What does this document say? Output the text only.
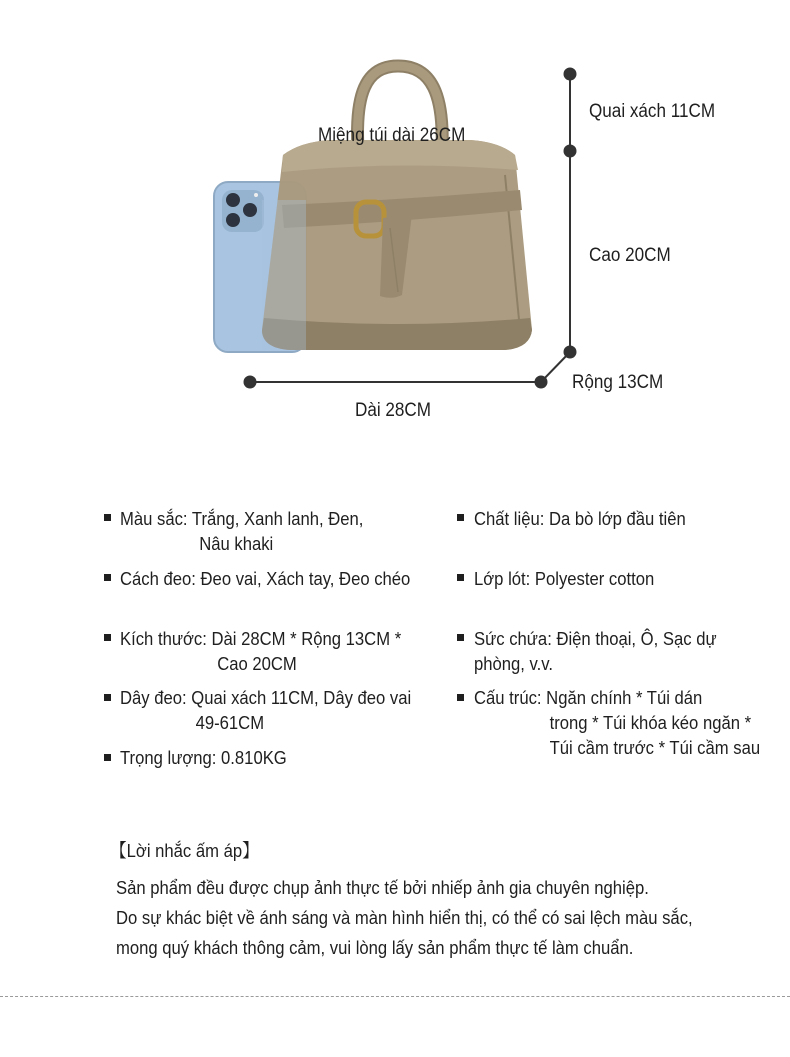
Quai xách 11CM
Miệng túi dài 26CM
Cao 20CM
Rộng 13CM
Dài 28CM
Màu sắc: Trắng, Xanh lanh, Đen,
Nâu khaki
Cách đeo: Đeo vai, Xách tay, Đeo chéo
Kích thước: Dài 28CM * Rộng 13CM *
Cao 20CM
Dây đeo: Quai xách 11CM, Dây đeo vai
49-61CM
Trọng lượng: 0.810KG
Chất liệu: Da bò lớp đầu tiên
Lớp lót: Polyester cotton
Sức chứa: Điện thoại, Ô, Sạc dự
phòng, v.v.
Cấu trúc: Ngăn chính * Túi dán
trong * Túi khóa kéo ngăn *
Túi cầm trước * Túi cầm sau
【Lời nhắc ấm áp】
Sản phẩm đều được chụp ảnh thực tế bởi nhiếp ảnh gia chuyên nghiệp.
Do sự khác biệt về ánh sáng và màn hình hiển thị, có thể có sai lệch màu sắc,
mong quý khách thông cảm, vui lòng lấy sản phẩm thực tế làm chuẩn.
